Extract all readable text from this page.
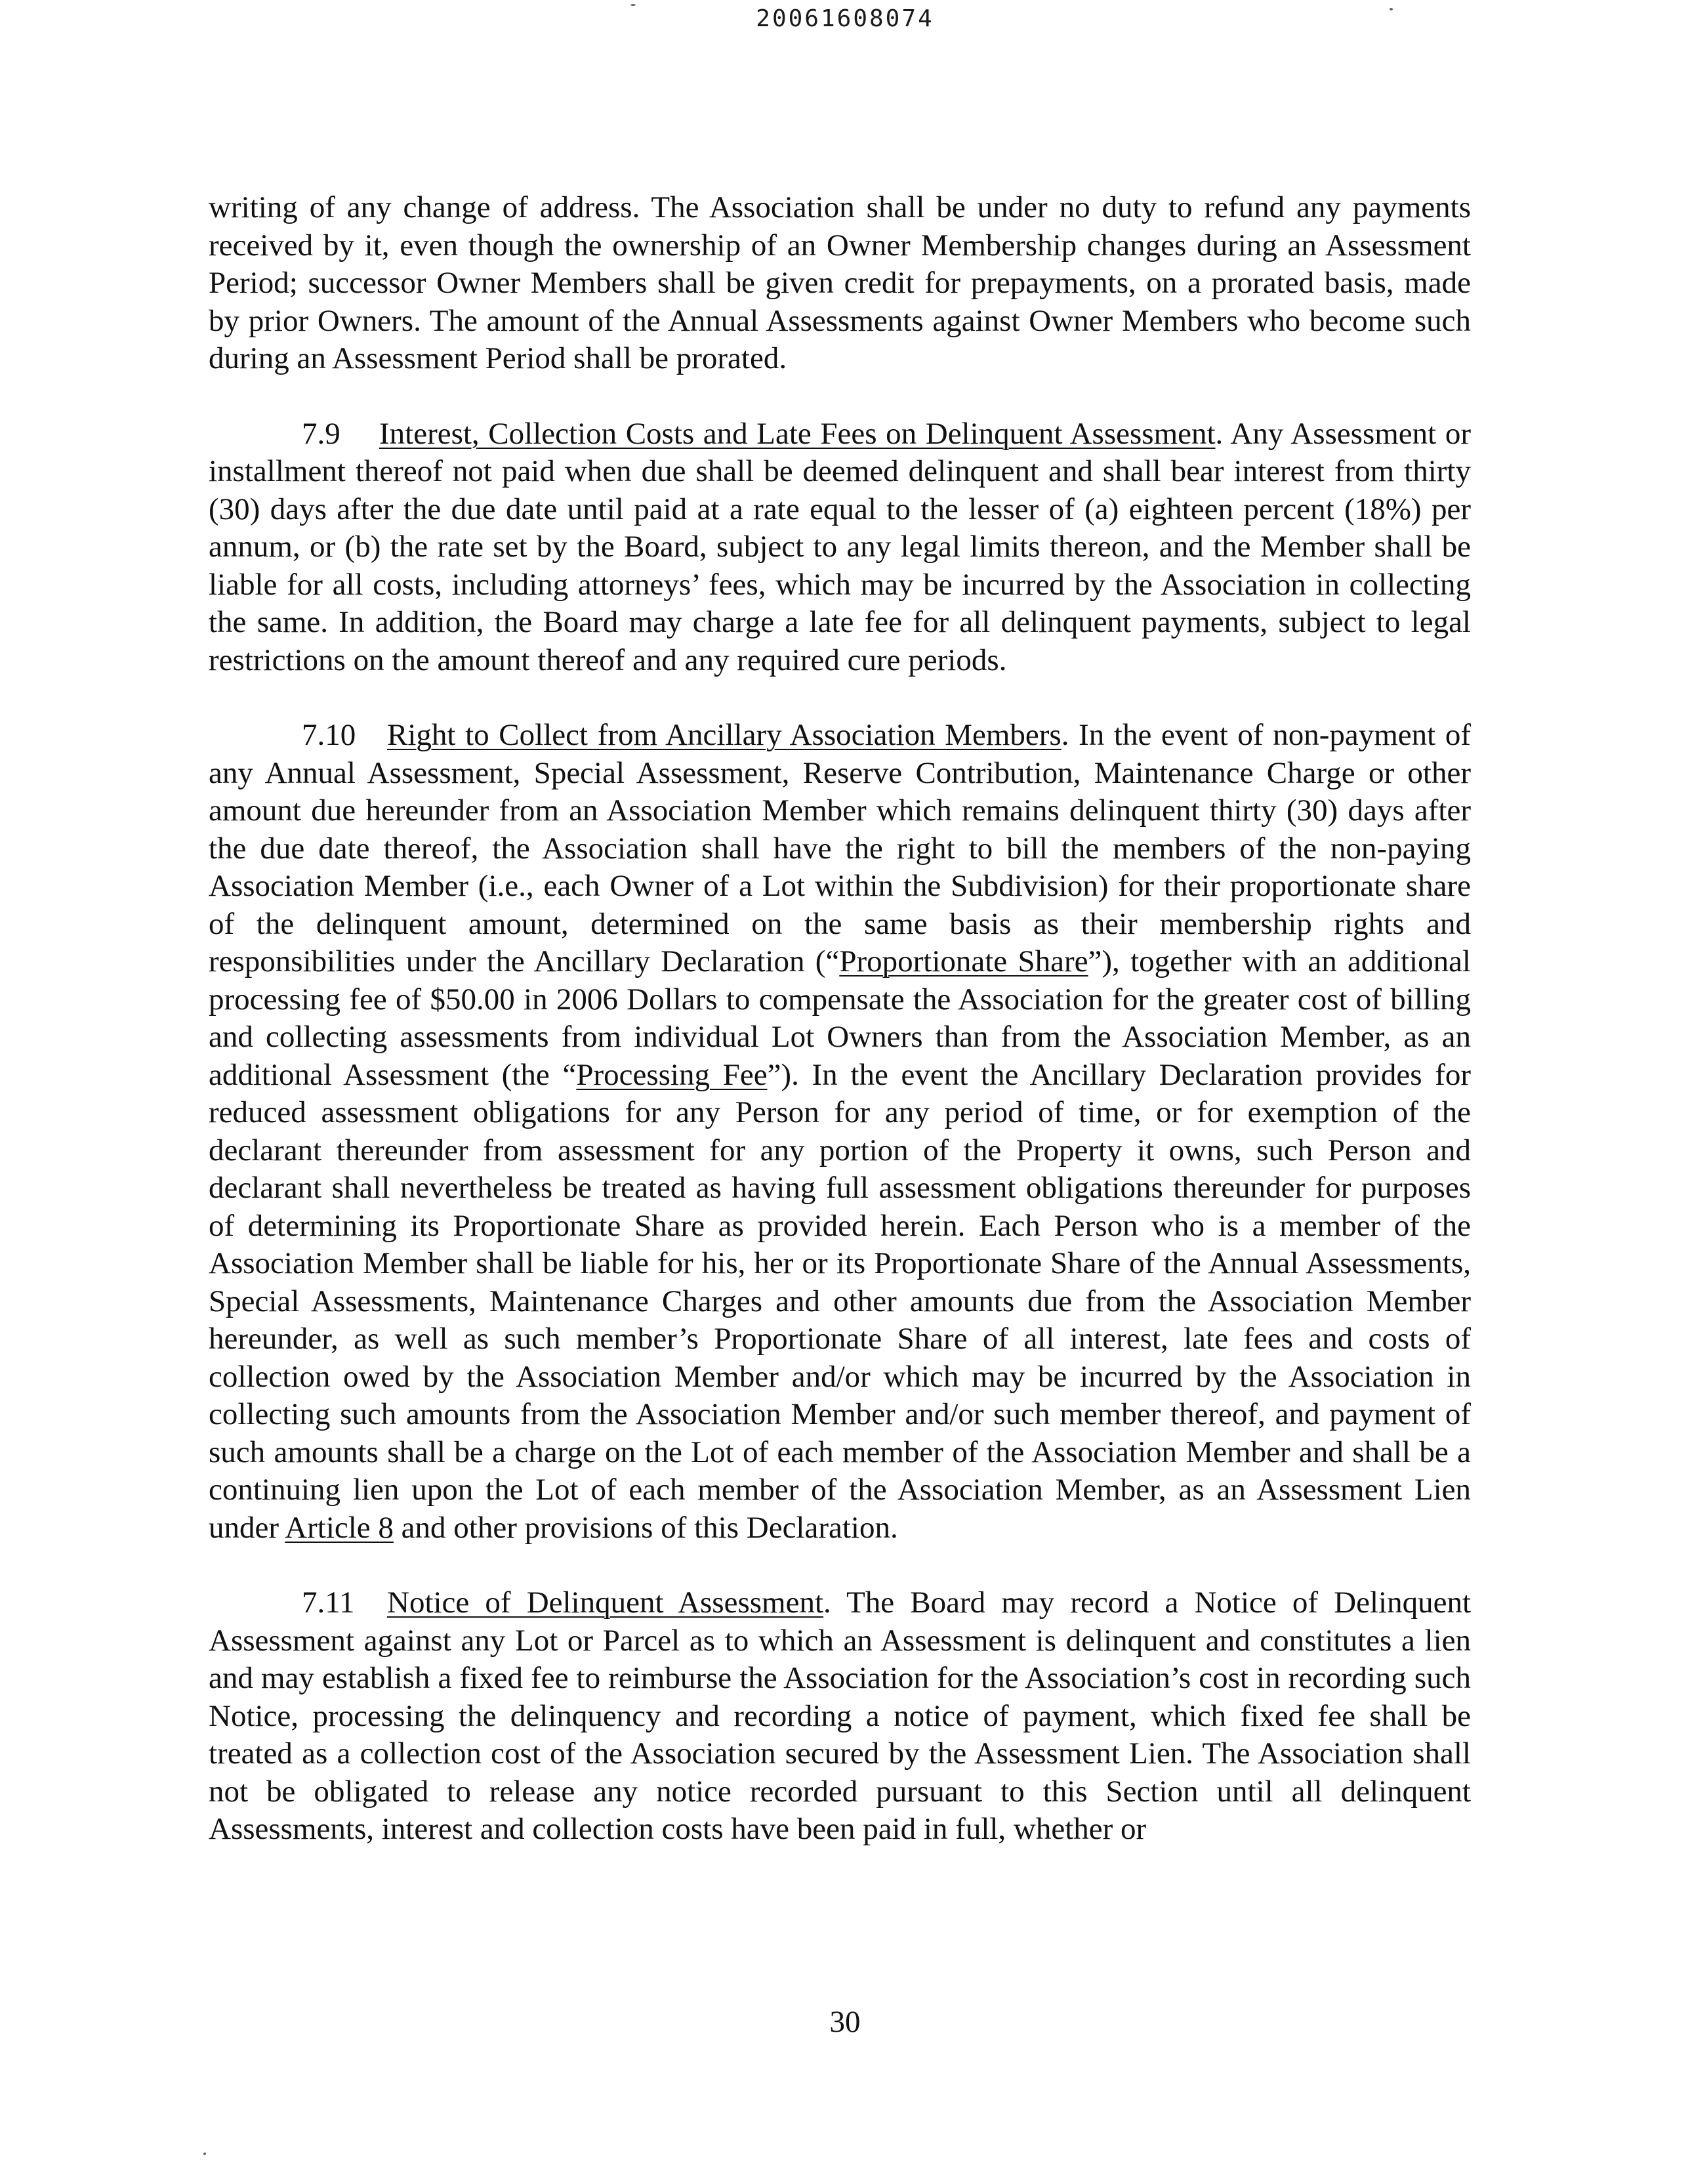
20061608074

writing of any change of address. The Association shall be under no duty to refund any payments received by it, even though the ownership of an Owner Membership changes during an Assessment Period; successor Owner Members shall be given credit for prepayments, on a prorated basis, made by prior Owners. The amount of the Annual Assessments against Owner Members who become such during an Assessment Period shall be prorated.

7.9 Interest, Collection Costs and Late Fees on Delinquent Assessment. Any Assessment or installment thereof not paid when due shall be deemed delinquent and shall bear interest from thirty (30) days after the due date until paid at a rate equal to the lesser of (a) eighteen percent (18%) per annum, or (b) the rate set by the Board, subject to any legal limits thereon, and the Member shall be liable for all costs, including attorneys’ fees, which may be incurred by the Association in collecting the same. In addition, the Board may charge a late fee for all delinquent payments, subject to legal restrictions on the amount thereof and any required cure periods.

7.10 Right to Collect from Ancillary Association Members. In the event of non-payment of any Annual Assessment, Special Assessment, Reserve Contribution, Maintenance Charge or other amount due hereunder from an Association Member which remains delinquent thirty (30) days after the due date thereof, the Association shall have the right to bill the members of the non-paying Association Member (i.e., each Owner of a Lot within the Subdivision) for their proportionate share of the delinquent amount, determined on the same basis as their membership rights and responsibilities under the Ancillary Declaration (“Proportionate Share”), together with an additional processing fee of $50.00 in 2006 Dollars to compensate the Association for the greater cost of billing and collecting assessments from individual Lot Owners than from the Association Member, as an additional Assessment (the “Processing Fee”). In the event the Ancillary Declaration provides for reduced assessment obligations for any Person for any period of time, or for exemption of the declarant thereunder from assessment for any portion of the Property it owns, such Person and declarant shall nevertheless be treated as having full assessment obligations thereunder for purposes of determining its Proportionate Share as provided herein. Each Person who is a member of the Association Member shall be liable for his, her or its Proportionate Share of the Annual Assessments, Special Assessments, Maintenance Charges and other amounts due from the Association Member hereunder, as well as such member’s Proportionate Share of all interest, late fees and costs of collection owed by the Association Member and/or which may be incurred by the Association in collecting such amounts from the Association Member and/or such member thereof, and payment of such amounts shall be a charge on the Lot of each member of the Association Member and shall be a continuing lien upon the Lot of each member of the Association Member, as an Assessment Lien under Article 8 and other provisions of this Declaration.

7.11 Notice of Delinquent Assessment. The Board may record a Notice of Delinquent Assessment against any Lot or Parcel as to which an Assessment is delinquent and constitutes a lien and may establish a fixed fee to reimburse the Association for the Association’s cost in recording such Notice, processing the delinquency and recording a notice of payment, which fixed fee shall be treated as a collection cost of the Association secured by the Assessment Lien. The Association shall not be obligated to release any notice recorded pursuant to this Section until all delinquent Assessments, interest and collection costs have been paid in full, whether or

30
